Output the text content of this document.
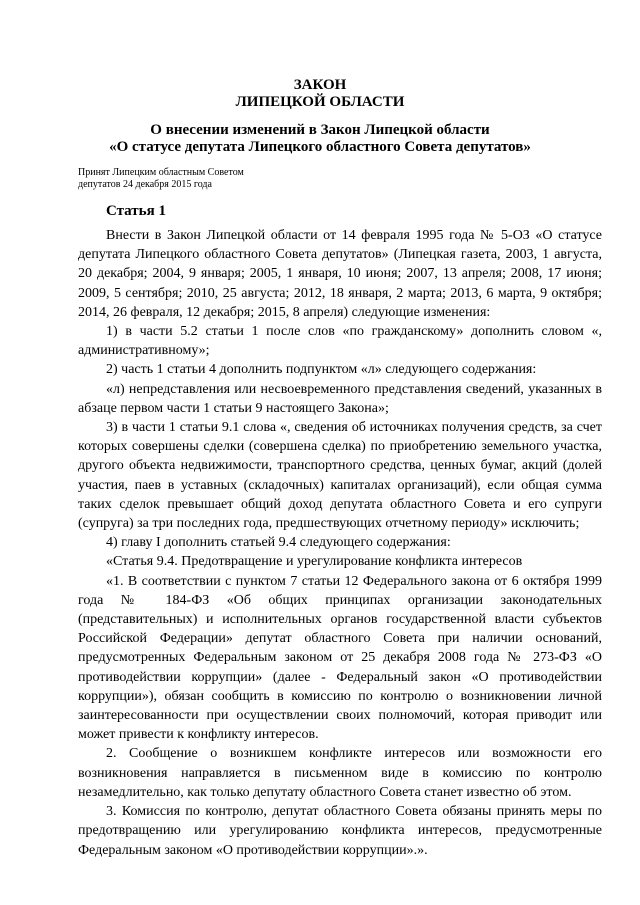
ЗАКОН
ЛИПЕЦКОЙ ОБЛАСТИ
О внесении изменений в Закон Липецкой области
«О статусе депутата Липецкого областного Совета депутатов»
Принят Липецким областным Советом
депутатов 24 декабря 2015 года
Статья 1

Внести в Закон Липецкой области от 14 февраля 1995 года № 5-ОЗ «О статусе депутата Липецкого областного Совета депутатов» (Липецкая газета, 2003, 1 августа, 20 декабря; 2004, 9 января; 2005, 1 января, 10 июня; 2007, 13 апреля; 2008, 17 июня; 2009, 5 сентября; 2010, 25 августа; 2012, 18 января, 2 марта; 2013, 6 марта, 9 октября; 2014, 26 февраля, 12 декабря; 2015, 8 апреля) следующие изменения:

1) в части 5.2 статьи 1 после слов «по гражданскому» дополнить словом «, административному»;

2) часть 1 статьи 4 дополнить подпунктом «л» следующего содержания:

«л) непредставления или несвоевременного представления сведений, указанных в абзаце первом части 1 статьи 9 настоящего Закона»;

3) в части 1 статьи 9.1 слова «, сведения об источниках получения средств, за счет которых совершены сделки (совершена сделка) по приобретению земельного участка, другого объекта недвижимости, транспортного средства, ценных бумаг, акций (долей участия, паев в уставных (складочных) капиталах организаций), если общая сумма таких сделок превышает общий доход депутата областного Совета и его супруги (супруга) за три последних года, предшествующих отчетному периоду» исключить;

4) главу I дополнить статьей 9.4 следующего содержания:

«Статья 9.4. Предотвращение и урегулирование конфликта интересов

«1. В соответствии с пунктом 7 статьи 12 Федерального закона от 6 октября 1999 года № 184-ФЗ «Об общих принципах организации законодательных (представительных) и исполнительных органов государственной власти субъектов Российской Федерации» депутат областного Совета при наличии оснований, предусмотренных Федеральным законом от 25 декабря 2008 года № 273-ФЗ «О противодействии коррупции» (далее - Федеральный закон «О противодействии коррупции»), обязан сообщить в комиссию по контролю о возникновении личной заинтересованности при осуществлении своих полномочий, которая приводит или может привести к конфликту интересов.

2. Сообщение о возникшем конфликте интересов или возможности его возникновения направляется в письменном виде в комиссию по контролю незамедлительно, как только депутату областного Совета станет известно об этом.

3. Комиссия по контролю, депутат областного Совета обязаны принять меры по предотвращению или урегулированию конфликта интересов, предусмотренные Федеральным законом «О противодействии коррупции».».
